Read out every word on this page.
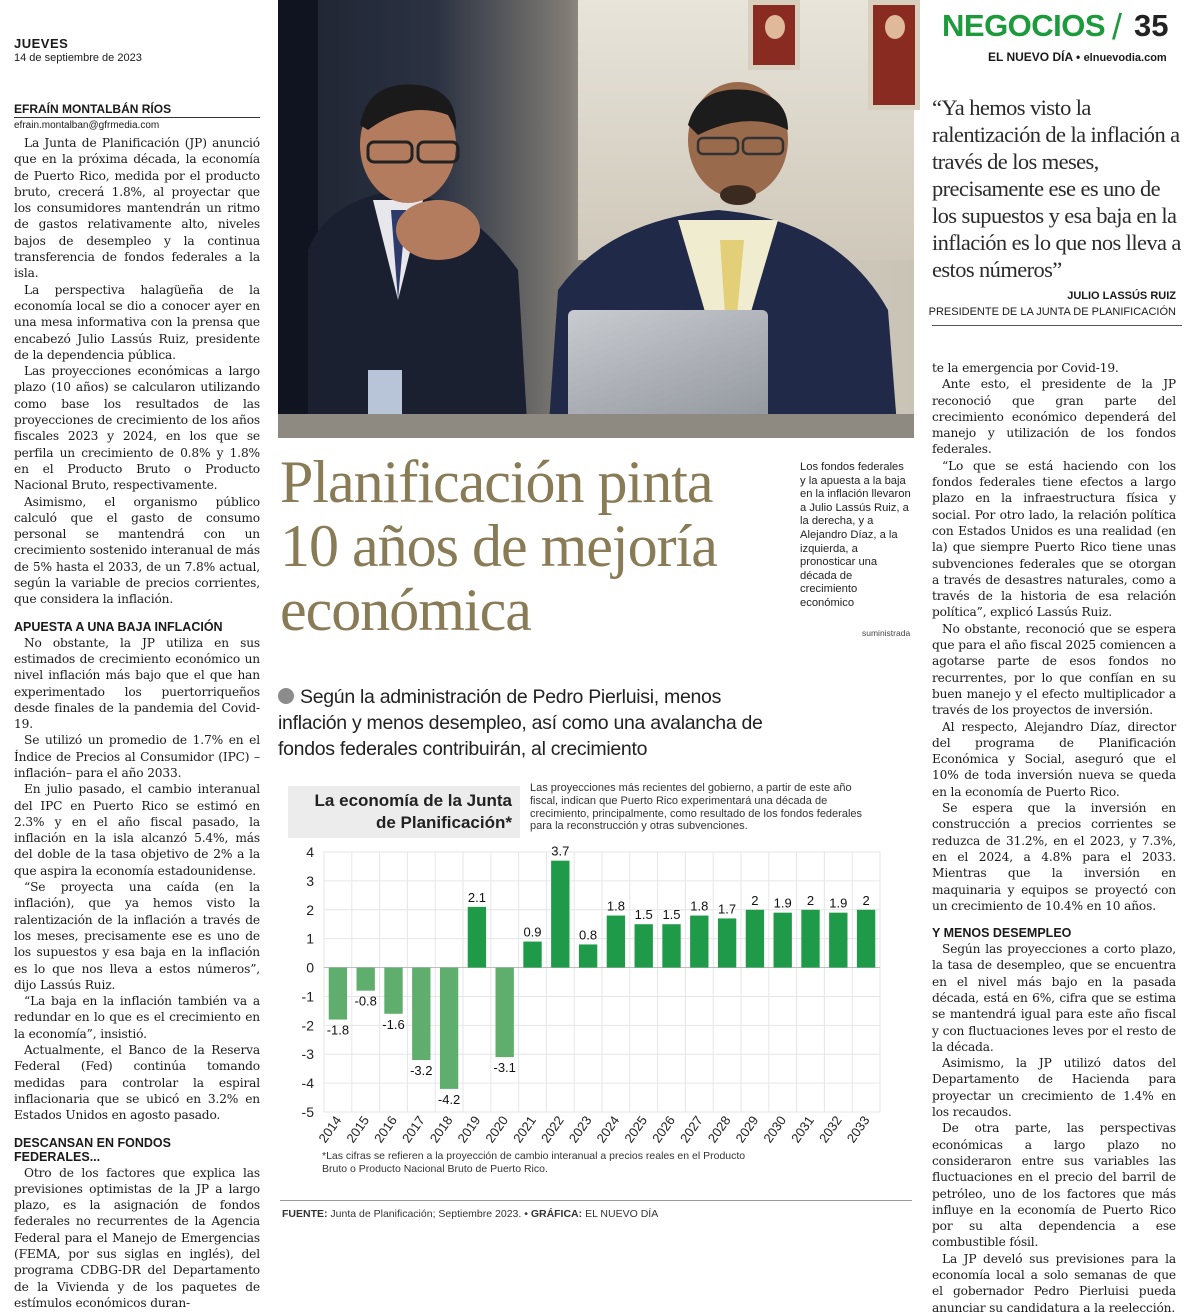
JUEVES
14 de septiembre de 2023
EFRAÍN MONTALBÁN RÍOS
efrain.montalban@gfrmedia.com

La Junta de Planificación (JP) anunció que en la próxima década, la economía de Puerto Rico, medida por el producto bruto, crecerá 1.8%, al proyectar que los consumidores mantendrán un ritmo de gastos relativamente alto, niveles bajos de desempleo y la continua transferencia de fondos federales a la isla.

La perspectiva halagüeña de la economía local se dio a conocer ayer en una mesa informativa con la prensa que encabezó Julio Lassús Ruiz, presidente de la dependencia pública.

Las proyecciones económicas a largo plazo (10 años) se calcularon utilizando como base los resultados de las proyecciones de crecimiento de los años fiscales 2023 y 2024, en los que se perfila un crecimiento de 0.8% y 1.8% en el Producto Bruto o Producto Nacional Bruto, respectivamente.

Asimismo, el organismo público calculó que el gasto de consumo personal se mantendrá con un crecimiento sostenido interanual de más de 5% hasta el 2033, de un 7.8% actual, según la variable de precios corrientes, que considera la inflación.

APUESTA A UNA BAJA INFLACIÓN

No obstante, la JP utiliza en sus estimados de crecimiento económico un nivel inflación más bajo que el que han experimentado los puertorriqueños desde finales de la pandemia del Covid-19.

Se utilizó un promedio de 1.7% en el Índice de Precios al Consumidor (IPC) –inflación– para el año 2033.

En julio pasado, el cambio interanual del IPC en Puerto Rico se estimó en 2.3% y en el año fiscal pasado, la inflación en la isla alcanzó 5.4%, más del doble de la tasa objetivo de 2% a la que aspira la economía estadounidense.

“Se proyecta una caída (en la inflación), que ya hemos visto la ralentización de la inflación a través de los meses, precisamente ese es uno de los supuestos y esa baja en la inflación es lo que nos lleva a estos números”, dijo Lassús Ruiz.

“La baja en la inflación también va a redundar en lo que es el crecimiento en la economía”, insistió.

Actualmente, el Banco de la Reserva Federal (Fed) continúa tomando medidas para controlar la espiral inflacionaria que se ubicó en 3.2% en Estados Unidos en agosto pasado.

DESCANSAN EN FONDOS FEDERALES...

Otro de los factores que explica las previsiones optimistas de la JP a largo plazo, es la asignación de fondos federales no recurrentes de la Agencia Federal para el Manejo de Emergencias (FEMA, por sus siglas en inglés), del programa CDBG-DR del Departamento de la Vivienda y de los paquetes de estímulos económicos duran-

NEGOCIOS / 35
EL NUEVO DÍA • elnuevodia.com
“Ya hemos visto la ralentización de la inflación a través de los meses, precisamente ese es uno de los supuestos y esa baja en la inflación es lo que nos lleva a estos números”
JULIO LASSÚS RUIZ
PRESIDENTE DE LA JUNTA DE PLANIFICACIÓN

te la emergencia por Covid-19.

Ante esto, el presidente de la JP reconoció que gran parte del crecimiento económico dependerá del manejo y utilización de los fondos federales.

“Lo que se está haciendo con los fondos federales tiene efectos a largo plazo en la infraestructura física y social. Por otro lado, la relación política con Estados Unidos es una realidad (en la) que siempre Puerto Rico tiene unas subvenciones federales que se otorgan a través de desastres naturales, como a través de la historia de esa relación política”, explicó Lassús Ruiz.

No obstante, reconoció que se espera que para el año fiscal 2025 comiencen a agotarse parte de esos fondos no recurrentes, por lo que confían en su buen manejo y el efecto multiplicador a través de los proyectos de inversión.

Al respecto, Alejandro Díaz, director del programa de Planificación Económica y Social, aseguró que el 10% de toda inversión nueva se queda en la economía de Puerto Rico.

Se espera que la inversión en construcción a precios corrientes se reduzca de 31.2%, en el 2023, y 7.3%, en el 2024, a 4.8% para el 2033. Mientras que la inversión en maquinaria y equipos se proyectó con un crecimiento de 10.4% en 10 años.

Y MENOS DESEMPLEO

Según las proyecciones a corto plazo, la tasa de desempleo, que se encuentra en el nivel más bajo en la pasada década, está en 6%, cifra que se estima se mantendrá igual para este año fiscal y con fluctuaciones leves por el resto de la década.

Asimismo, la JP utilizó datos del Departamento de Hacienda para proyectar un crecimiento de 1.4% en los recaudos.

De otra parte, las perspectivas económicas a largo plazo no consideraron entre sus variables las fluctuaciones en el precio del barril de petróleo, uno de los factores que más influye en la economía de Puerto Rico por su alta dependencia a ese combustible fósil.

La JP develó sus previsiones para la economía local a solo semanas de que el gobernador Pedro Pierluisi pueda anunciar su candidatura a la reelección.

Planificación pinta 10 años de mejoría económica
Los fondos federales y la apuesta a la baja en la inflación llevaron a Julio Lassús Ruiz, a la derecha, y a Alejandro Díaz, a la izquierda, a pronosticar una década de crecimiento económico
suministrada
Según la administración de Pedro Pierluisi, menos inflación y menos desempleo, así como una avalancha de fondos federales contribuirán, al crecimiento
La economía de la Junta de Planificación*
Las proyecciones más recientes del gobierno, a partir de este año fiscal, indican que Puerto Rico experimentará una década de crecimiento, principalmente, como resultado de los fondos federales para la reconstrucción y otras subvenciones.
4
3
2
1
0
-1
-2
-3
-4
-5
-1.8
2014
-0.8
2015
-1.6
2016
-3.2
2017
-4.2
2018
2.1
2019
-3.1
2020
0.9
2021
3.7
2022
0.8
2023
1.8
2024
1.5
2025
1.5
2026
1.8
2027
1.7
2028
2
2029
1.9
2030
2
2031
1.9
2032
2
2033
*Las cifras se refieren a la proyección de cambio interanual a precios reales en el Producto Bruto o Producto Nacional Bruto de Puerto Rico.
FUENTE: Junta de Planificación; Septiembre 2023. • GRÁFICA: EL NUEVO DÍA
